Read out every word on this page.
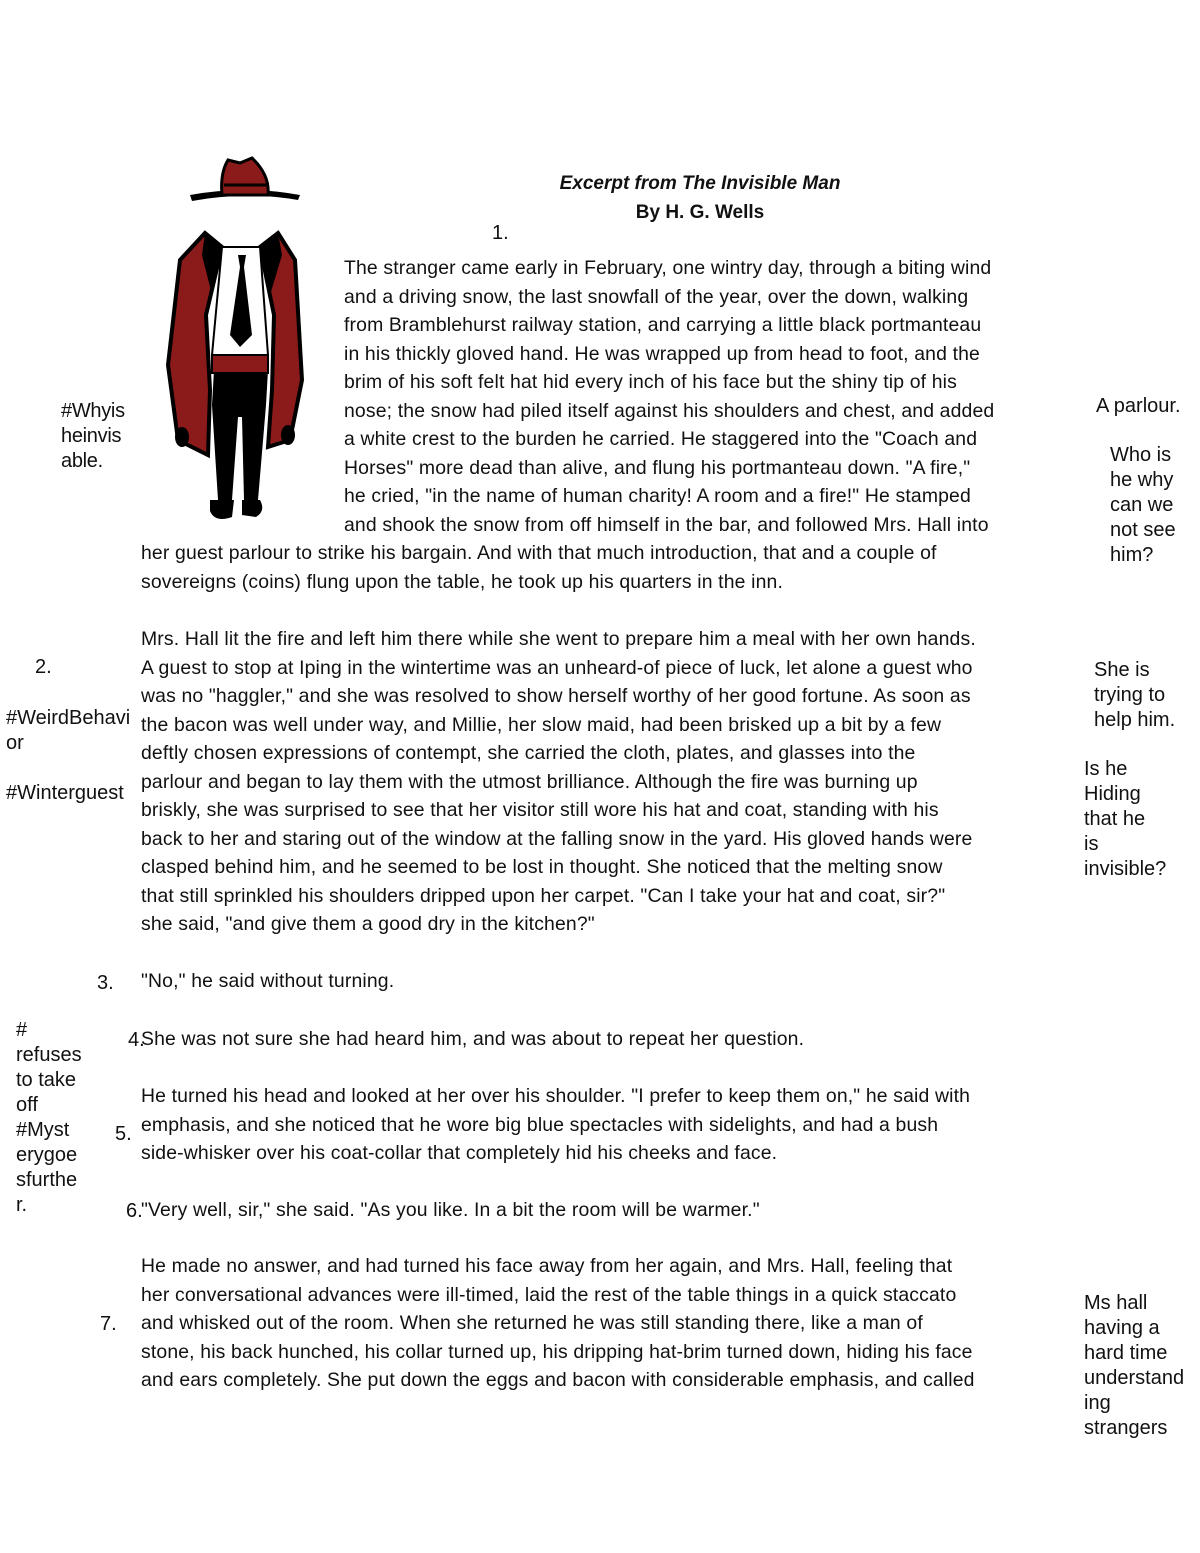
Excerpt from The Invisible Man
By H. G. Wells
1.
2.
3.
4.
5.
6.
7.
The stranger came early in February, one wintry day, through a biting wind
and a driving snow, the last snowfall of the year, over the down, walking
from Bramblehurst railway station, and carrying a little black portmanteau
in his thickly gloved hand. He was wrapped up from head to foot, and the
brim of his soft felt hat hid every inch of his face but the shiny tip of his
nose; the snow had piled itself against his shoulders and chest, and added
a white crest to the burden he carried. He staggered into the "Coach and
Horses" more dead than alive, and flung his portmanteau down. "A fire,"
he cried, "in the name of human charity! A room and a fire!" He stamped
and shook the snow from off himself in the bar, and followed Mrs. Hall into
her guest parlour to strike his bargain. And with that much introduction, that and a couple of
sovereigns (coins) flung upon the table, he took up his quarters in the inn.
Mrs. Hall lit the fire and left him there while she went to prepare him a meal with her own hands.
A guest to stop at Iping in the wintertime was an unheard-of piece of luck, let alone a guest who
was no "haggler," and she was resolved to show herself worthy of her good fortune. As soon as
the bacon was well under way, and Millie, her slow maid, had been brisked up a bit by a few
deftly chosen expressions of contempt, she carried the cloth, plates, and glasses into the
parlour and began to lay them with the utmost brilliance. Although the fire was burning up
briskly, she was surprised to see that her visitor still wore his hat and coat, standing with his
back to her and staring out of the window at the falling snow in the yard. His gloved hands were
clasped behind him, and he seemed to be lost in thought. She noticed that the melting snow
that still sprinkled his shoulders dripped upon her carpet. "Can I take your hat and coat, sir?"
she said, "and give them a good dry in the kitchen?"
"No," he said without turning.
She was not sure she had heard him, and was about to repeat her question.
He turned his head and looked at her over his shoulder. "I prefer to keep them on," he said with
emphasis, and she noticed that he wore big blue spectacles with sidelights, and had a bush
side-whisker over his coat-collar that completely hid his cheeks and face.
"Very well, sir," she said. "As you like. In a bit the room will be warmer."
He made no answer, and had turned his face away from her again, and Mrs. Hall, feeling that
her conversational advances were ill-timed, laid the rest of the table things in a quick staccato
and whisked out of the room. When she returned he was still standing there, like a man of
stone, his back hunched, his collar turned up, his dripping hat-brim turned down, hiding his face
and ears completely. She put down the eggs and bacon with considerable emphasis, and called
#Whyis
heinvis
able.
#WeirdBehavi
or
#Winterguest
#
refuses
to take
off
#Myst
erygoe
sfurthe
r.
A parlour.
Who is
he why
can we
not see
him?
She is
trying to
help him.
Is he
Hiding
that he
is
invisible?
Ms hall
having a
hard time
understand
ing
strangers
